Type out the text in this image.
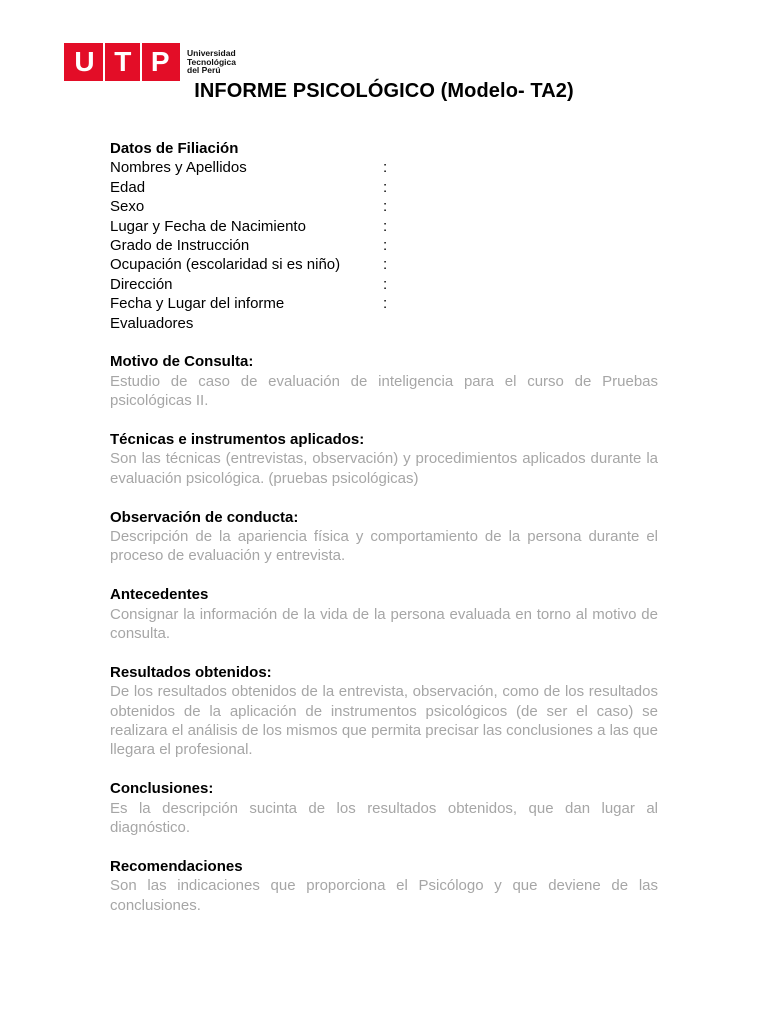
U T P Universidad
Tecnológica
del Perú
INFORME PSICOLÓGICO (Modelo- TA2)
Datos de Filiación
Nombres y Apellidos	:
Edad	:
Sexo	:
Lugar y Fecha de Nacimiento	:
Grado de Instrucción	:
Ocupación (escolaridad si es niño)	:
Dirección	:
Fecha y Lugar del informe	:
Evaluadores
Motivo de Consulta:
Estudio de caso de evaluación de inteligencia para el curso de Pruebas psicológicas II.
Técnicas e instrumentos aplicados:
Son las técnicas (entrevistas, observación) y procedimientos aplicados durante la evaluación psicológica. (pruebas psicológicas)
Observación de conducta:
Descripción de la apariencia física y comportamiento de la persona durante el proceso de evaluación y entrevista.
Antecedentes
Consignar la información de la vida de la persona evaluada en torno al motivo de consulta.
Resultados obtenidos:
De los resultados obtenidos de la entrevista, observación, como de los resultados obtenidos de la aplicación de instrumentos psicológicos (de ser el caso) se realizara el análisis de los mismos que permita precisar las conclusiones a las que llegara el profesional.
Conclusiones:
Es la descripción sucinta de los resultados obtenidos, que dan lugar al diagnóstico.
Recomendaciones
Son las indicaciones que proporciona el Psicólogo y que deviene de las conclusiones.
